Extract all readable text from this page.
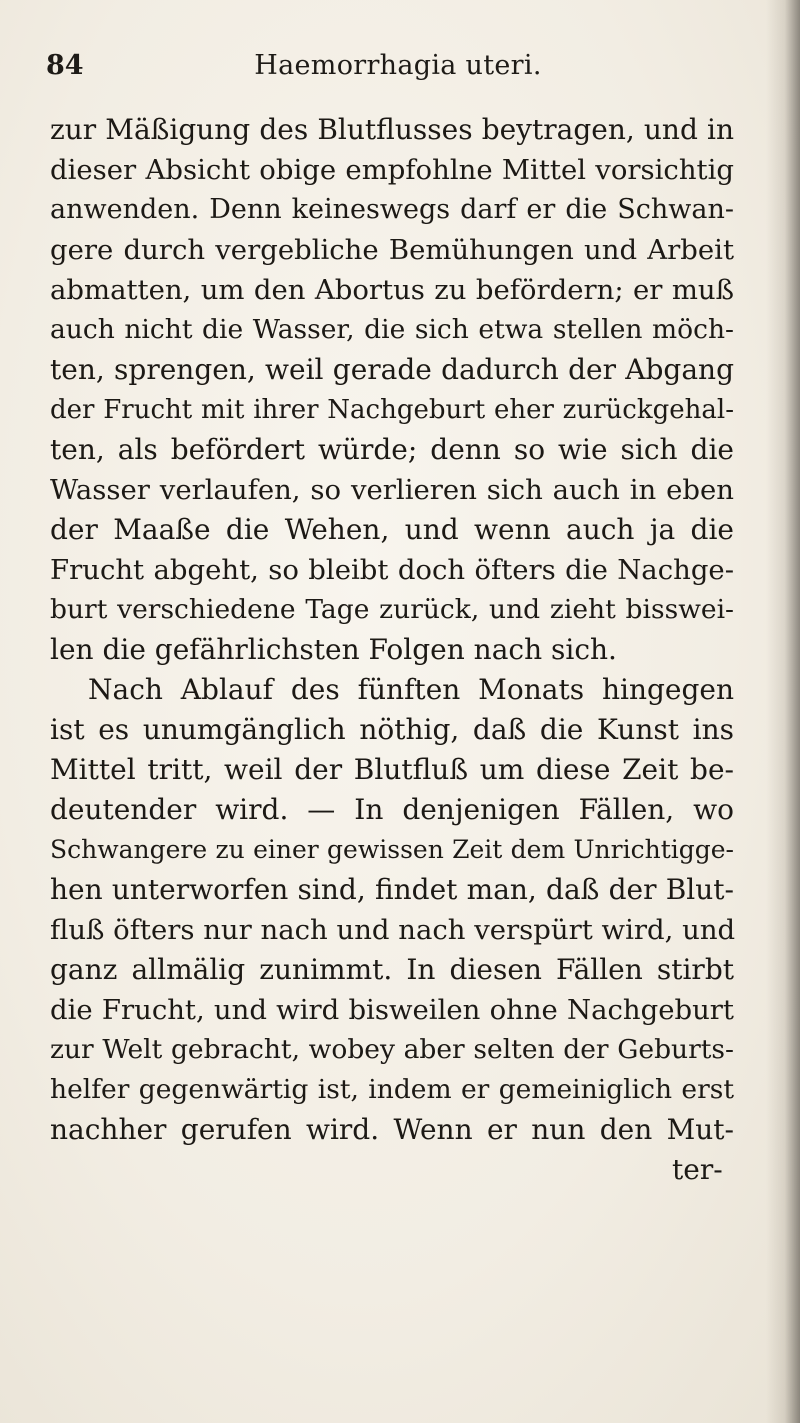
84	Haemorrhagia uteri.
zur Mäßigung des Blutflusses beytragen, und in
dieser Absicht obige empfohlne Mittel vorsichtig
anwenden. Denn keineswegs darf er die Schwan-
gere durch vergebliche Bemühungen und Arbeit
abmatten, um den Abortus zu befördern; er muß
auch nicht die Wasser, die sich etwa stellen möch-
ten, sprengen, weil gerade dadurch der Abgang
der Frucht mit ihrer Nachgeburt eher zurückgehal-
ten, als befördert würde; denn so wie sich die
Wasser verlaufen, so verlieren sich auch in eben
der Maaße die Wehen, und wenn auch ja die
Frucht abgeht, so bleibt doch öfters die Nachge-
burt verschiedene Tage zurück, und zieht bisswei-
len die gefährlichsten Folgen nach sich.
Nach Ablauf des fünften Monats hingegen
ist es unumgänglich nöthig, daß die Kunst ins
Mittel tritt, weil der Blutfluß um diese Zeit be-
deutender wird. — In denjenigen Fällen, wo
Schwangere zu einer gewissen Zeit dem Unrichtigge-
hen unterworfen sind, findet man, daß der Blut-
fluß öfters nur nach und nach verspürt wird, und
ganz allmälig zunimmt. In diesen Fällen stirbt
die Frucht, und wird bisweilen ohne Nachgeburt
zur Welt gebracht, wobey aber selten der Geburts-
helfer gegenwärtig ist, indem er gemeiniglich erst
nachher gerufen wird. Wenn er nun den Mut-
ter-
